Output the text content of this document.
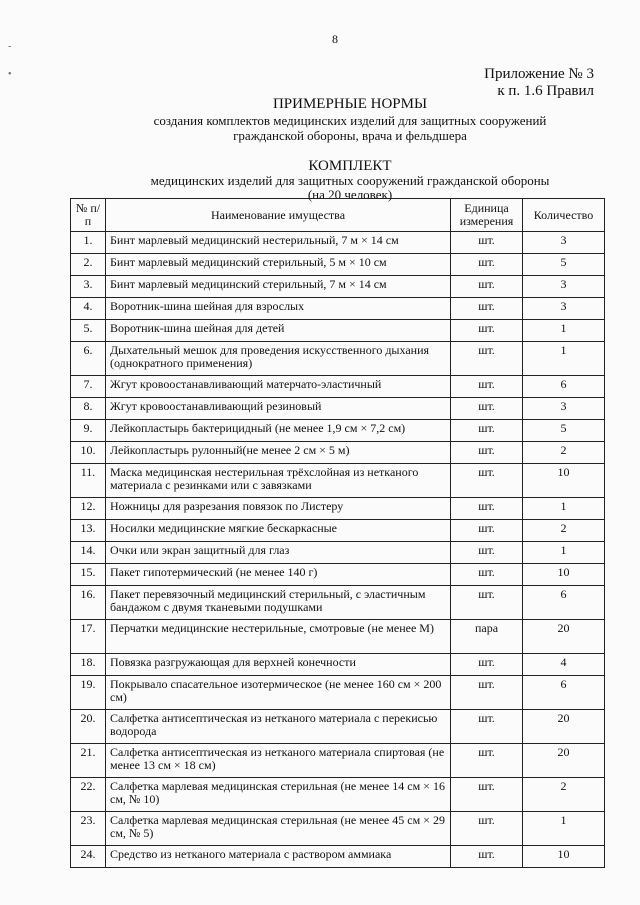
-

•
8
Приложение № 3
к п. 1.6 Правил
ПРИМЕРНЫЕ НОРМЫ
создания комплектов медицинских изделий для защитных сооружений
гражданской обороны, врача и фельдшера
КОМПЛЕКТ
медицинских изделий для защитных сооружений гражданской обороны
(на 20 человек)
№ п/п	Наименование имущества	Единица измерения	Количество
1.	Бинт марлевый медицинский нестерильный, 7 м × 14 см	шт.	3
2.	Бинт марлевый медицинский стерильный, 5 м × 10 см	шт.	5
3.	Бинт марлевый медицинский стерильный, 7 м × 14 см	шт.	3
4.	Воротник-шина шейная для взрослых	шт.	3
5.	Воротник-шина шейная для детей	шт.	1
6.	Дыхательный мешок для проведения искусственного дыхания (однократного применения)	шт.	1
7.	Жгут кровоостанавливающий матерчато-эластичный	шт.	6
8.	Жгут кровоостанавливающий резиновый	шт.	3
9.	Лейкопластырь бактерицидный (не менее 1,9 см × 7,2 см)	шт.	5
10.	Лейкопластырь рулонный(не менее 2 см × 5 м)	шт.	2
11.	Маска медицинская нестерильная трёхслойная из нетканого материала с резинками или с завязками	шт.	10
12.	Ножницы для разрезания повязок по Листеру	шт.	1
13.	Носилки медицинские мягкие бескаркасные	шт.	2
14.	Очки или экран защитный для глаз	шт.	1
15.	Пакет гипотермический (не менее 140 г)	шт.	10
16.	Пакет перевязочный медицинский стерильный, с эластичным бандажом с двумя тканевыми подушками	шт.	6
17.	Перчатки медицинские нестерильные, смотровые (не менее М)	пара	20
18.	Повязка разгружающая для верхней конечности	шт.	4
19.	Покрывало спасательное изотермическое (не менее 160 см × 200 см)	шт.	6
20.	Салфетка антисептическая из нетканого материала с перекисью водорода	шт.	20
21.	Салфетка антисептическая из нетканого материала спиртовая (не менее 13 см × 18 см)	шт.	20
22.	Салфетка марлевая медицинская стерильная (не менее 14 см × 16 см, № 10)	шт.	2
23.	Салфетка марлевая медицинская стерильная (не менее 45 см × 29 см, № 5)	шт.	1
24.	Средство из нетканого материала с раствором аммиака	шт.	10
